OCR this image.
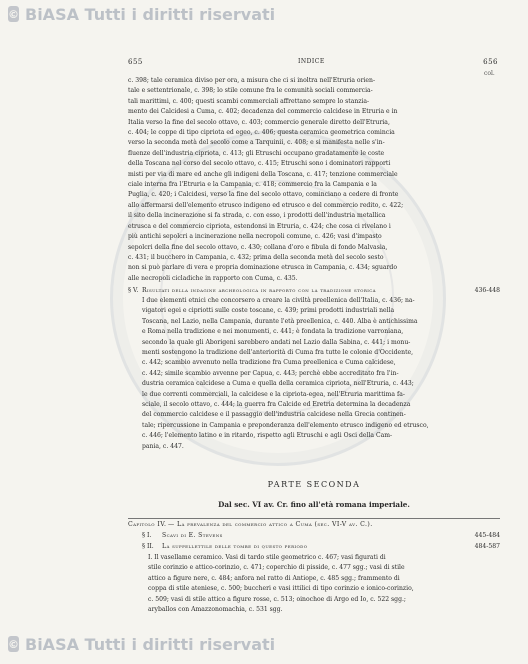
© BiASA Tutti i diritti riservati
655	INDICE	656
col.
c. 398; tale ceramica diviso per ora, a misura che ci si inoltra nell'Etruria orien-
tale e settentrionale, c. 398; lo stile comune fra le comunità sociali commercia-
tali marittimi, c. 400; questi scambi commerciali affrettano sempre lo stanzia-
mento dei Calcidesi a Cuma, c. 402; decadenza del commercio calcidese in Etruria e in
Italia verso la fine del secolo ottavo, c. 403; commercio generale diretto dell'Etruria,
c. 404; le coppe di tipo cipriota ed egeo, c. 406; questa ceramica geometrica comincia
verso la seconda metà del secolo come a Tarquinii, c. 408; e si manifesta nelle s'in-
fluenze dell'industria cipriota, c. 413; gli Etruschi occupano gradatamente le coste
della Toscana nel corso del secolo ottavo, c. 415; Etruschi sono i dominatori rapporti
misti per via di mare ed anche gli indigeni della Toscana, c. 417; tenzione commerciale
ciale interna fra l'Etruria e la Campania, c. 418; commercio fra la Campania e la
Puglia, c. 420; i Calcidesi, verso la fine del secolo ottavo, cominciano a cedere di fronte
allo affermarsi dell'elemento etrusco indigeno ed etrusco e del commercio redito, c. 422;
il sito della incinerazione si fa strada, c. con esso, i prodotti dell'industria metallica
etrusca e del commercio cipriota, estendonsi in Etruria, c. 424; che cosa ci rivelano i
più antichi sepolcri a incinerazione nella necropoli comune, c. 426; vasi d'impasto
sepolcri della fine del secolo ottavo, c. 430; collana d'oro e fibula di fondo Malvasia,
c. 431; il bucchero in Campania, c. 432; prima della seconda metà del secolo sesto
non si può parlare di vera e propria dominazione etrusca in Campania, c. 434; sguardo
alle necropoli cicladiche in rapporto con Cuma, c. 435.
§ V. Risultati della indagine archeologica in rapporto con la tradizione storica	436-448
I due elementi etnici che concorsero a creare la civiltà preellenica dell'Italia, c. 436; na-
vigatori egei e cipriotti sulle coste toscane, c. 439; primi prodotti industriali nella
Toscana, nel Lazio, nella Campania, durante l'età preellenica, c. 440. Alba è antichissima
e Roma nella tradizione e nei monumenti, c. 441; è fondata la tradizione varroniana,
secondo la quale gli Aborigeni sarebbero andati nel Lazio dalla Sabina, c. 441; i monu-
menti sostengono la tradizione dell'anteriorità di Cuma fra tutte le colonie d'Occidente,
c. 442; scambio avvenuto nella tradizione fra Cuma preellenica e Cuma calcidese,
c. 442; simile scambio avvenne per Capua, c. 443; perchè ebbe accreditato fra l'in-
dustria ceramica calcidese a Cuma e quella della ceramica cipriota, nell'Etruria, c. 443;
le due correnti commerciali, la calcidese e la cipriota-egea, nell'Etruria marittima fa-
sciale, il secolo ottavo, c. 444; la guerra fra Calcide ed Eretria determina la decadenza
del commercio calcidese e il passaggio dell'industria calcidese nella Grecia continen-
tale; ripercussione in Campania e preponderanza dell'elemento etrusco indigeno ed etrusco,
c. 446; l'elemento latino e in ritardo, rispetto agli Etruschi e agli Osci della Cam-
pania, c. 447.
PARTE SECONDA
Dal sec. VI av. Cr. fino all'età romana imperiale.
Capitolo IV. — La prevalenza del commercio attico a Cuma (sec. VI-V av. C.).
§ I. Scavi di E. Stevens	445-484
§ II. La suppellettile delle tombe di questo periodo	484-587
I. Il vasellame ceramico. Vasi di tardo stile geometrico c. 467; vasi figurati di
stile corinzio e attico-corinzio, c. 471; coperchio di pisside, c. 477 sgg.; vasi di stile
attico a figure nere, c. 484; anfora nel ratto di Antiope, c. 485 sgg.; frammento di
coppa di stile ateniese, c. 500; buccheri e vasi ittilici di tipo corinzio e ionico-corinzio,
c. 509; vasi di stile attico a figure rosse, c. 513; oinochoe di Argo ed Io, c. 522 sgg.;
aryballos con Amazzonomachia, c. 531 sgg.
© BiASA Tutti i diritti riservati
